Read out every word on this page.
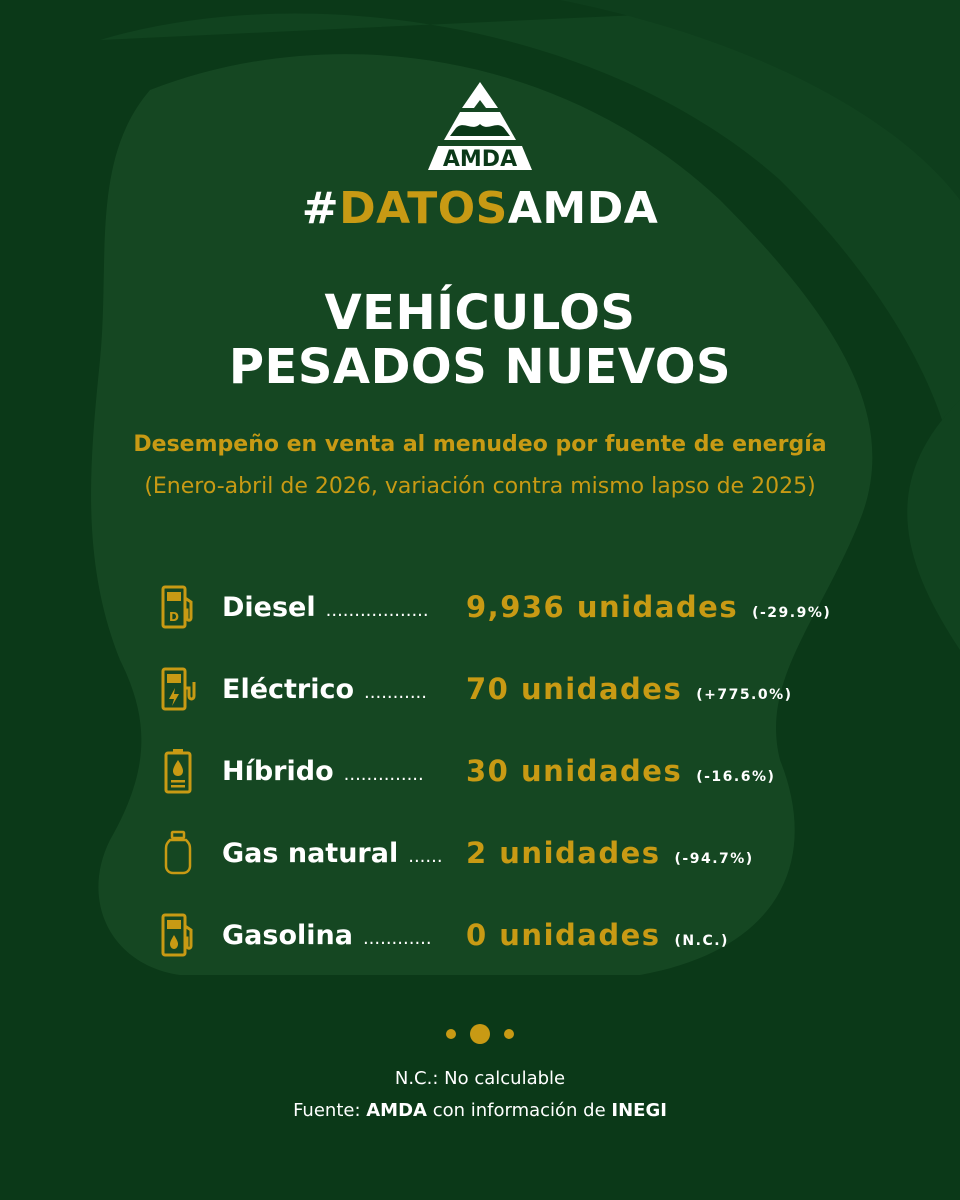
AMDA
#DATOSAMDA
VEHÍCULOS
PESADOS NUEVOS
Desempeño en venta al menudeo por fuente de energía
(Enero-abril de 2026, variación contra mismo lapso de 2025)
D Diesel .................. 9,936 unidades (-29.9%)
Eléctrico ........... 70 unidades (+775.0%)
Híbrido .............. 30 unidades (-16.6%)
Gas natural ...... 2 unidades (-94.7%)
Gasolina ............ 0 unidades (N.C.)
N.C.: No calculable
Fuente: AMDA con información de INEGI
